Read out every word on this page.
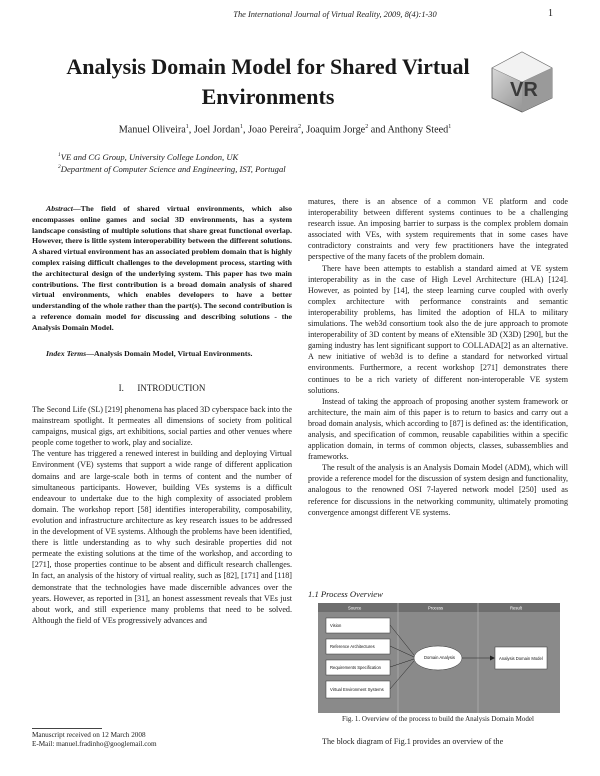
The International Journal of Virtual Reality, 2009, 8(4):1-30	1
Analysis Domain Model for Shared Virtual Environments	VR
Manuel Oliveira$^1$, Joel Jordan$^1$, Joao Pereira$^2$, Joaquim Jorge$^2$ and Anthony Steed$^1$
$^1$VE and CG Group, University College London, UK
$^2$Department of Computer Science and Engineering, IST, Portugal
Abstract—The field of shared virtual environments, which also encompasses online games and social 3D environments, has a system landscape consisting of multiple solutions that share great functional overlap. However, there is little system interoperability between the different solutions. A shared virtual environment has an associated problem domain that is highly complex raising difficult challenges to the development process, starting with the architectural design of the underlying system. This paper has two main contributions. The first contribution is a broad domain analysis of shared virtual environments, which enables developers to have a better understanding of the whole rather than the part(s). The second contribution is a reference domain model for discussing and describing solutions - the Analysis Domain Model.
Index Terms—Analysis Domain Model, Virtual Environments.
I.      INTRODUCTION

The Second Life (SL) [219] phenomena has placed 3D cyberspace back into the mainstream spotlight. It permeates all dimensions of society from political campaigns, musical gigs, art exhibitions, social parties and other venues where people come together to work, play and socialize.

The venture has triggered a renewed interest in building and deploying Virtual Environment (VE) systems that support a wide range of different application domains and are large-scale both in terms of content and the number of simultaneous participants. However, building VEs systems is a difficult endeavour to undertake due to the high complexity of associated problem domain. The workshop report [58] identifies interoperability, composability, evolution and infrastructure architecture as key research issues to be addressed in the development of VE systems. Although the problems have been identified, there is little understanding as to why such desirable properties did not permeate the existing solutions at the time of the workshop, and according to [271], those properties continue to be absent and difficult research challenges. In fact, an analysis of the history of virtual reality, such as [82], [171] and [118] demonstrate that the technologies have made discernible advances over the years. However, as reported in [31], an honest assessment reveals that VEs just about work, and still experience many problems that need to be solved. Although the field of VEs progressively advances and

Manuscript received on 12 March 2008
E-Mail: manuel.fradinho@googlemail.com

matures, there is an absence of a common VE platform and code interoperability between different systems continues to be a challenging research issue. An imposing barrier to surpass is the complex problem domain associated with VEs, with system requirements that in some cases have contradictory constraints and very few practitioners have the integrated perspective of the many facets of the problem domain.

There have been attempts to establish a standard aimed at VE system interoperability as in the case of High Level Architecture (HLA) [124]. However, as pointed by [14], the steep learning curve coupled with overly complex architecture with performance constraints and semantic interoperability problems, has limited the adoption of HLA to military simulations. The web3d consortium took also the de jure approach to promote interoperability of 3D content by means of eXtensible 3D (X3D) [290], but the gaming industry has lent significant support to COLLADA[2] as an alternative. A new initiative of web3d is to define a standard for networked virtual environments. Furthermore, a recent workshop [271] demonstrates there continues to be a rich variety of different non-interoperable VE system solutions.

Instead of taking the approach of proposing another system framework or architecture, the main aim of this paper is to return to basics and carry out a broad domain analysis, which according to [87] is defined as: the identification, analysis, and specification of common, reusable capabilities within a specific application domain, in terms of common objects, classes, subassemblies and frameworks.

The result of the analysis is an Analysis Domain Model (ADM), which will provide a reference model for the discussion of system design and functionality, analogous to the renowned OSI 7-layered network model [250] used as reference for discussions in the networking community, ultimately promoting convergence amongst different VE systems.

1.1 Process Overview
Source	Process	Result
Vision
Reference Architectures
Requirements Specification
Virtual Environment Systems
Domain Analysis	Analysis Domain Model
Fig. 1. Overview of the process to build the Analysis Domain Model
The block diagram of Fig.1 provides an overview of the
